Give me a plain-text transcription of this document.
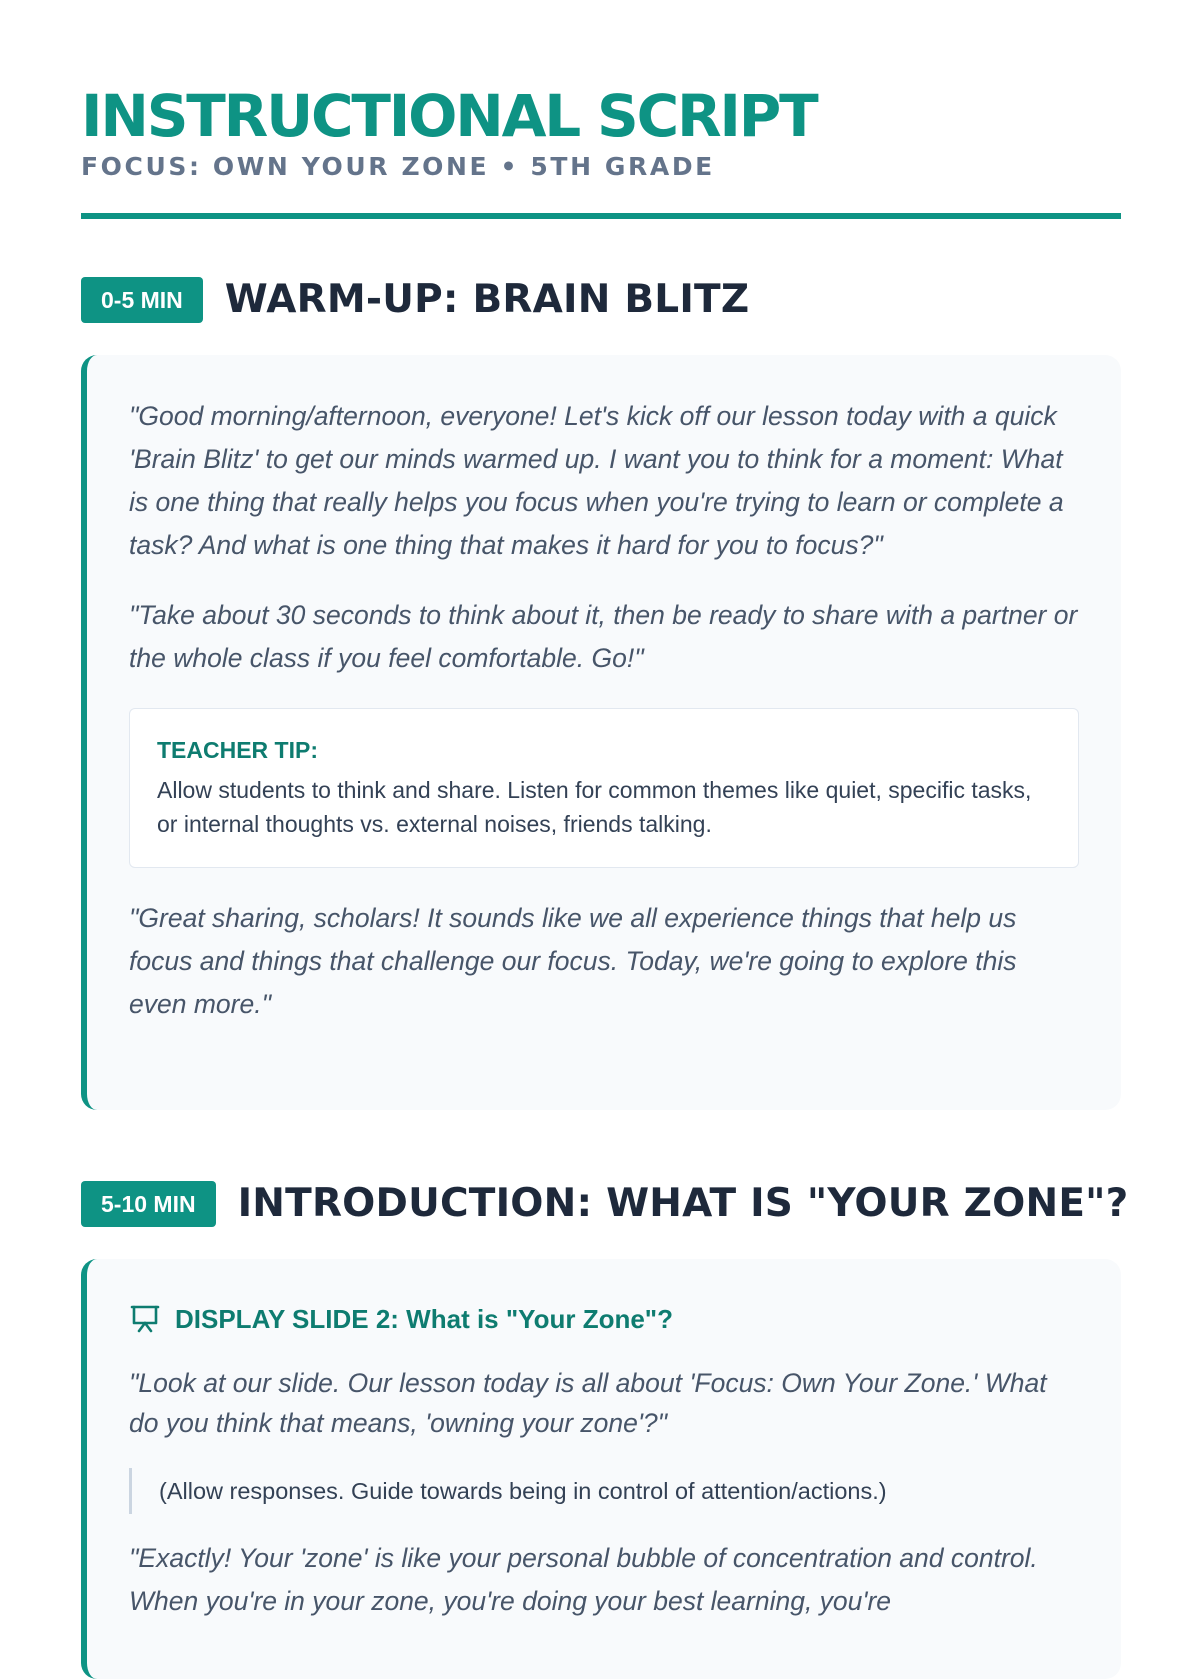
INSTRUCTIONAL SCRIPT
FOCUS: OWN YOUR ZONE • 5TH GRADE
0-5 MIN	WARM-UP: BRAIN BLITZ

"Good morning/afternoon, everyone! Let's kick off our lesson today with a quick 'Brain Blitz' to get our minds warmed up. I want you to think for a moment: What is one thing that really helps you focus when you're trying to learn or complete a task? And what is one thing that makes it hard for you to focus?"

"Take about 30 seconds to think about it, then be ready to share with a partner or the whole class if you feel comfortable. Go!"

TEACHER TIP:
Allow students to think and share. Listen for common themes like quiet, specific tasks, or internal thoughts vs. external noises, friends talking.

"Great sharing, scholars! It sounds like we all experience things that help us focus and things that challenge our focus. Today, we're going to explore this even more."

5-10 MIN	INTRODUCTION: WHAT IS "YOUR ZONE"?
DISPLAY SLIDE 2: What is "Your Zone"?

"Look at our slide. Our lesson today is all about 'Focus: Own Your Zone.' What do you think that means, 'owning your zone'?"

(Allow responses. Guide towards being in control of attention/actions.)

"Exactly! Your 'zone' is like your personal bubble of concentration and control. When you're in your zone, you're doing your best learning, you're
